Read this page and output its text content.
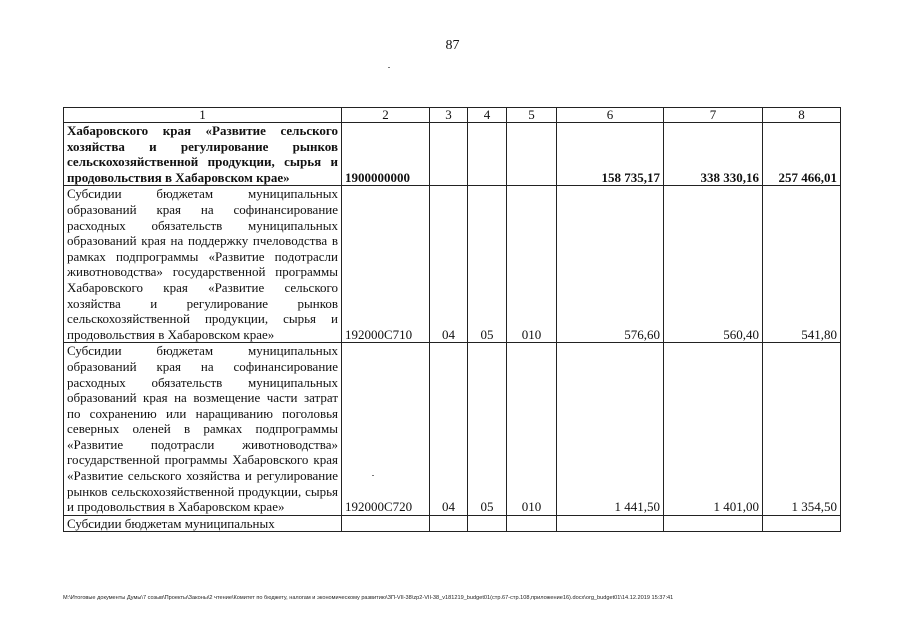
87
1	2	3	4	5	6	7	8
Хабаровского края «Развитие сельского хозяйства и регулирование рынков сельскохозяйственной продукции, сырья и продовольствия в Хабаровском крае»	1900000000				158 735,17	338 330,16	257 466,01
Субсидии бюджетам муниципальных образований края на софинансирование расходных обязательств муниципальных образований края на поддержку пчеловодства в рамках подпрограммы «Развитие подотрасли животноводства» государственной программы Хабаровского края «Развитие сельского хозяйства и регулирование рынков сельскохозяйственной продукции, сырья и продовольствия в Хабаровском крае»	192000С710	04	05	010	576,60	560,40	541,80
Субсидии бюджетам муниципальных образований края на софинансирование расходных обязательств муниципальных образований края на возмещение части затрат по сохранению или наращиванию поголовья северных оленей в рамках подпрограммы «Развитие подотрасли животноводства» государственной программы Хабаровского края «Развитие сельского хозяйства и регулирование рынков сельскохозяйственной продукции, сырья и продовольствия в Хабаровском крае»	192000С720	04	05	010	1 441,50	1 401,00	1 354,50
Субсидии бюджетам муниципальных							
M:\Итоговые документы Думы\7 созыв\Проекты\Законы\2 чтение\Комитет по бюджету, налогам и экономическому развитию\ЗП-VII-38\zp2-VII-38_v181219_budget01(стр.67-стр.108,приложение16).docx\org_budget01\14.12.2019 15:37:41
